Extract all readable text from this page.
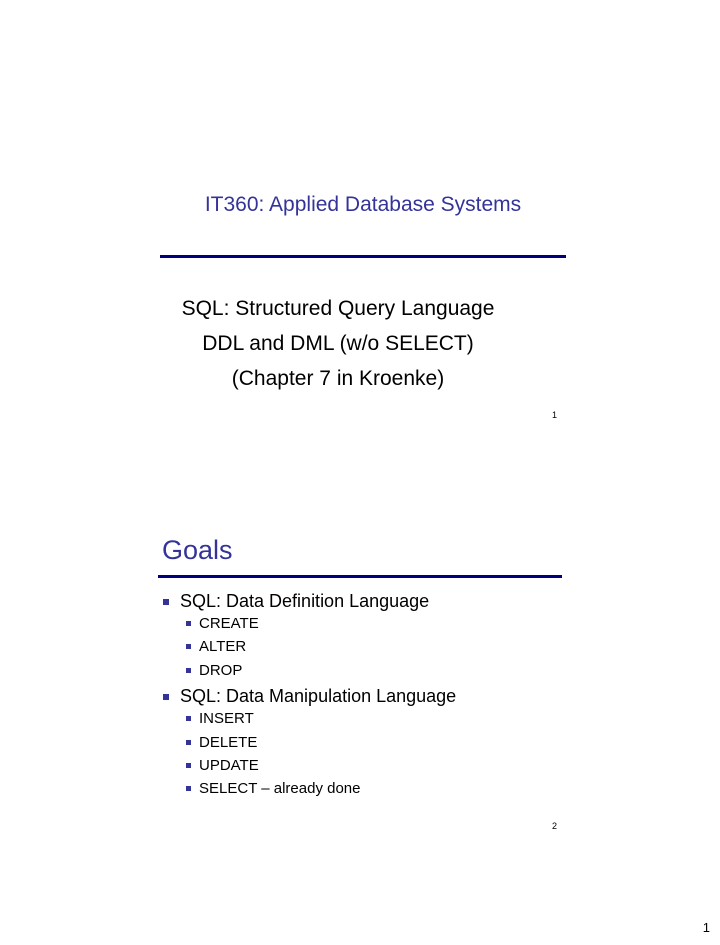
IT360: Applied Database Systems
SQL: Structured Query Language
DDL and DML (w/o SELECT)
(Chapter 7 in Kroenke)
1
Goals
SQL: Data Definition Language
CREATE
ALTER
DROP
SQL: Data Manipulation Language
INSERT
DELETE
UPDATE
SELECT – already done
2
1
